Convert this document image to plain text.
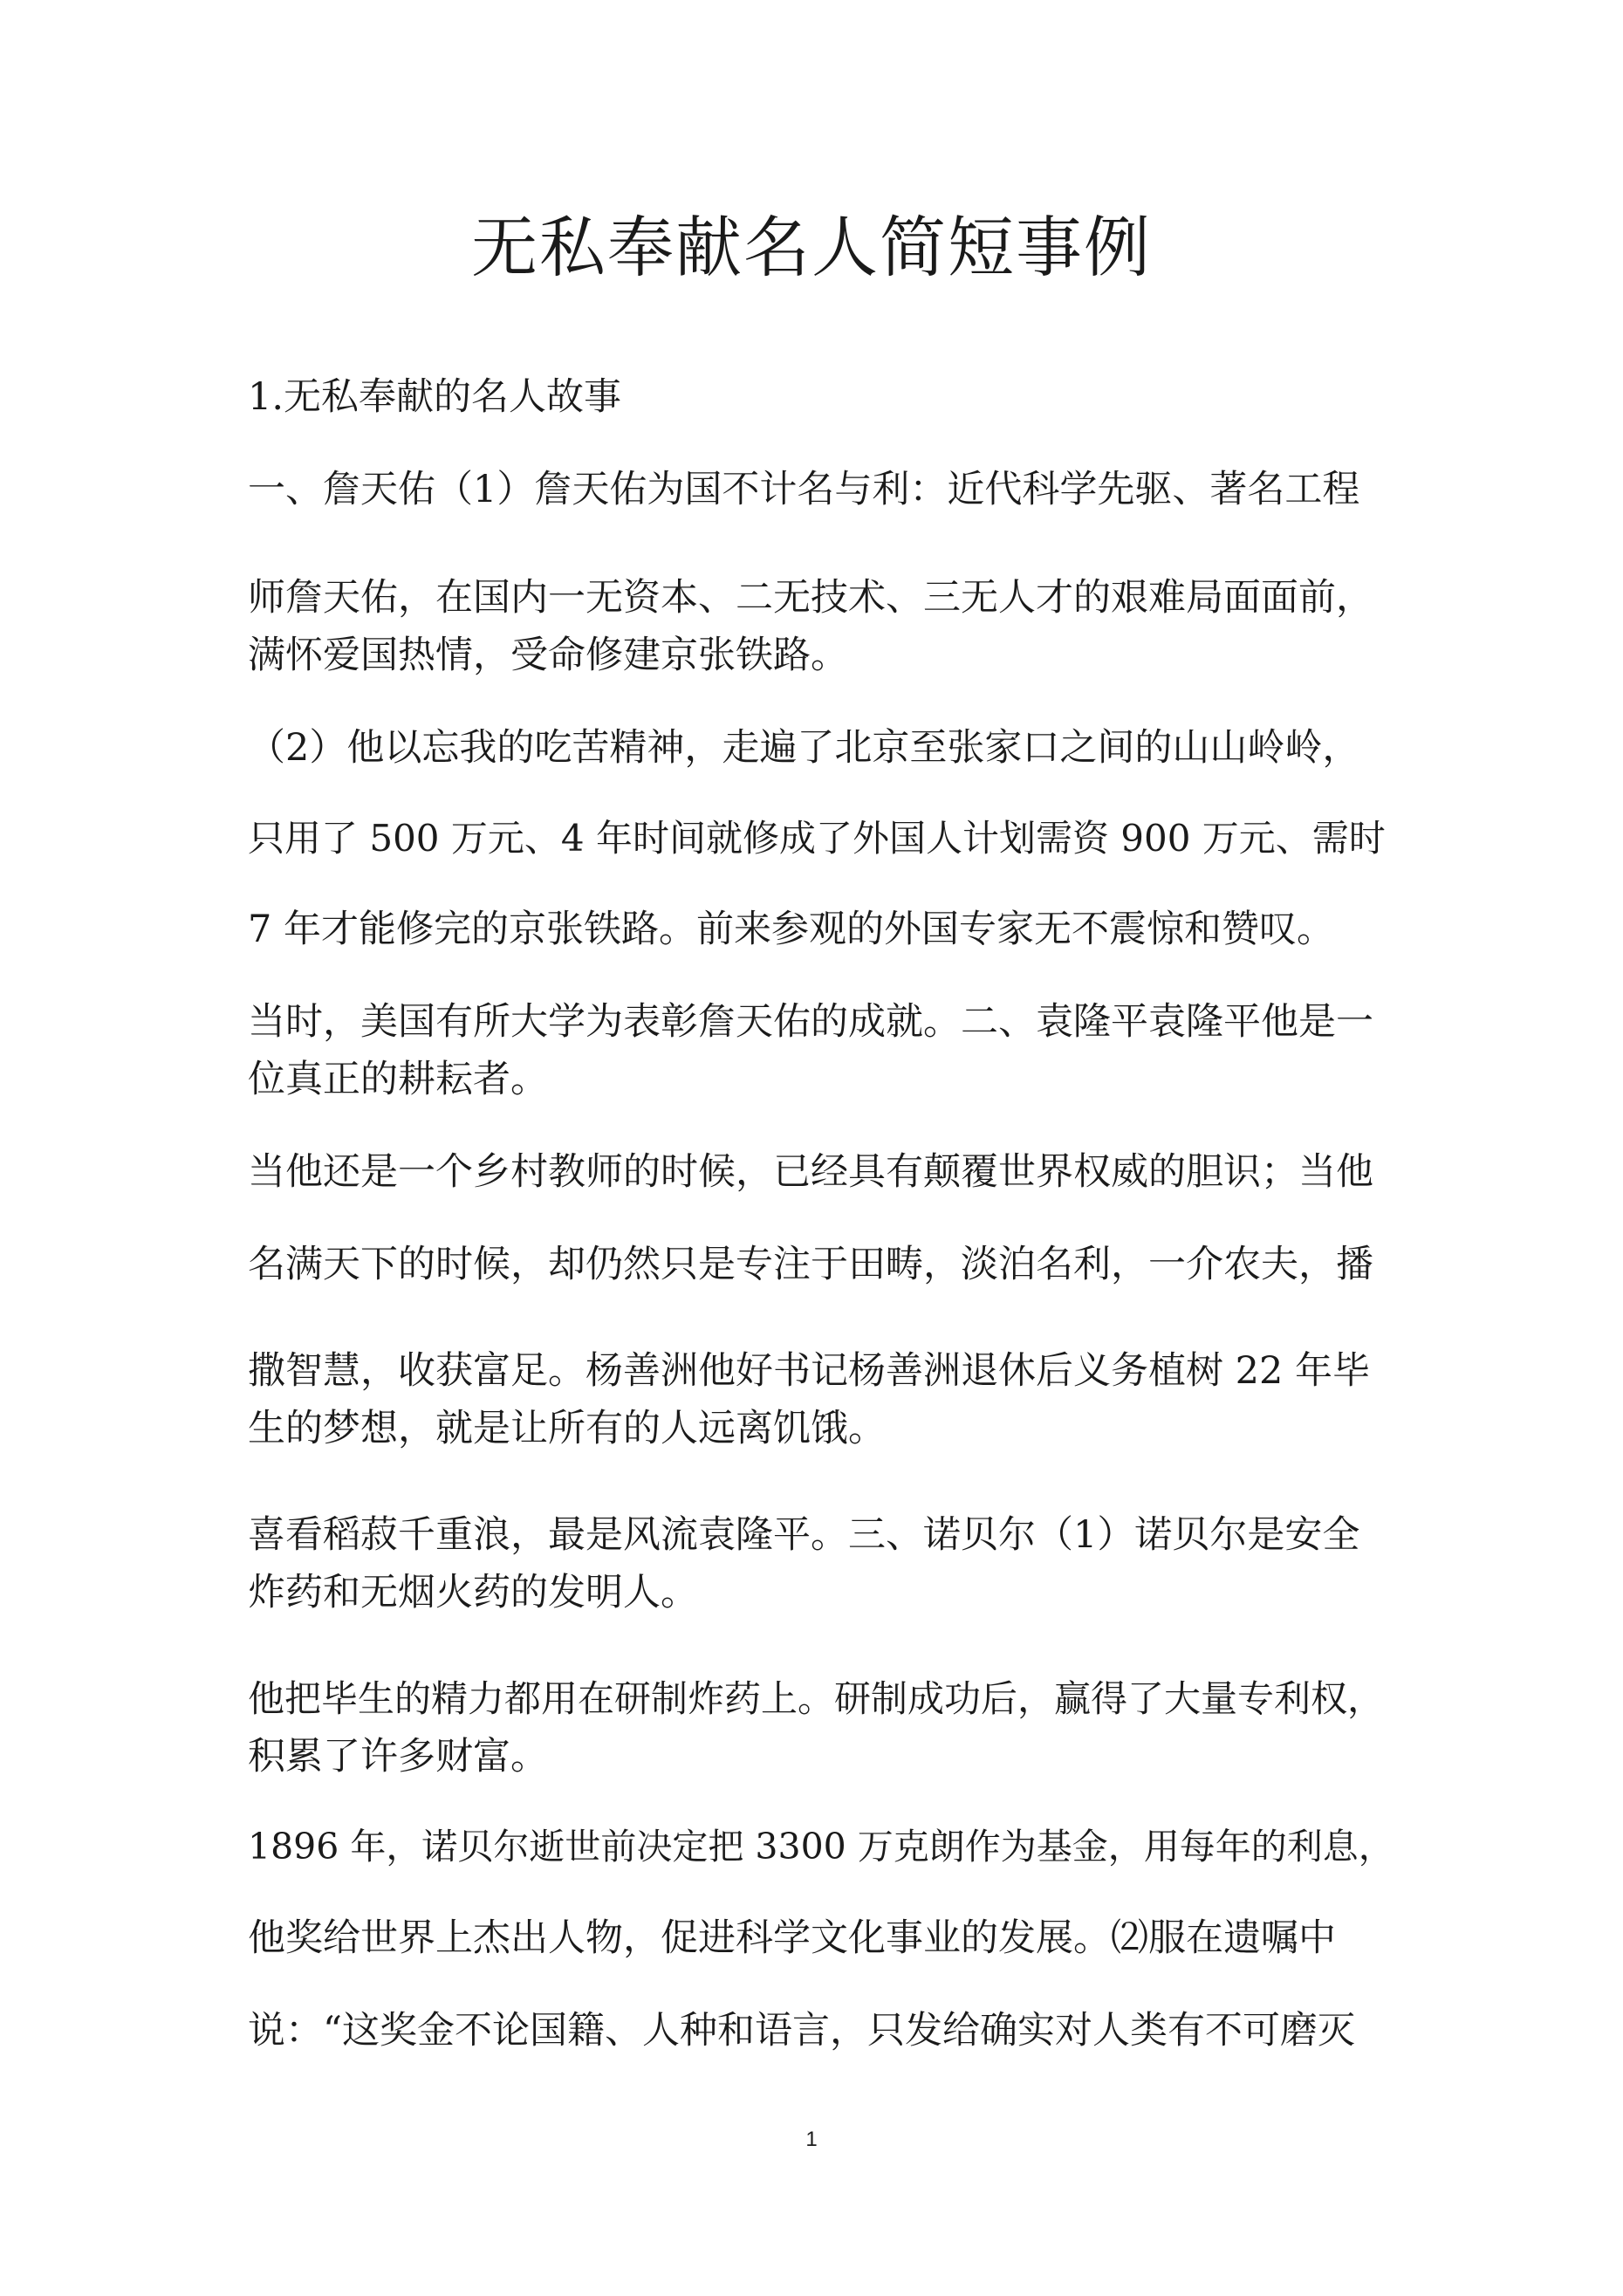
无私奉献名人简短事例

1.无私奉献的名人故事

一、詹天佑（1）詹天佑为国不计名与利：近代科学先驱、著名工程

师詹天佑，在国内一无资本、二无技术、三无人才的艰难局面面前，

满怀爱国热情，受命修建京张铁路。

（2）他以忘我的吃苦精神，走遍了北京至张家口之间的山山岭岭，

只用了 500 万元、4 年时间就修成了外国人计划需资 900 万元、需时

7 年才能修完的京张铁路。前来参观的外国专家无不震惊和赞叹。

当时，美国有所大学为表彰詹天佑的成就。二、袁隆平袁隆平他是一

位真正的耕耘者。

当他还是一个乡村教师的时候，已经具有颠覆世界权威的胆识；当他

名满天下的时候，却仍然只是专注于田畴，淡泊名利，一介农夫，播

撒智慧，收获富足。杨善洲他好书记杨善洲退休后义务植树 22 年毕

生的梦想，就是让所有的人远离饥饿。

喜看稻菽千重浪，最是风流袁隆平。三、诺贝尔（1）诺贝尔是安全

炸药和无烟火药的发明人。

他把毕生的精力都用在研制炸药上。研制成功后，赢得了大量专利权，

积累了许多财富。

1896 年，诺贝尔逝世前决定把 3300 万克朗作为基金，用每年的利息，

他奖给世界上杰出人物，促进科学文化事业的发展。⑵服在遗嘱中

说：“这奖金不论国籍、人种和语言，只发给确实对人类有不可磨灭

1
